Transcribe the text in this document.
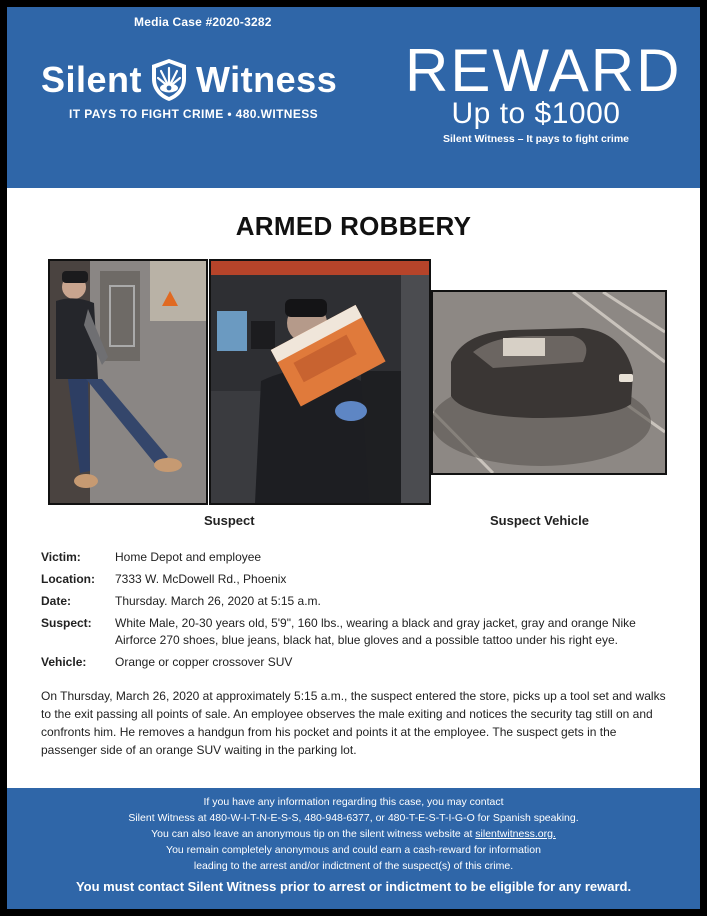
Media Case #2020-3282
Silent Witness
IT PAYS TO FIGHT CRIME • 480.WITNESS
REWARD
Up to $1000
Silent Witness – It pays to fight crime
ARMED ROBBERY
Suspect	Suspect Vehicle
Victim:	Home Depot and employee
Location:	7333 W. McDowell Rd., Phoenix
Date:	Thursday. March 26, 2020 at 5:15 a.m.
Suspect:	White Male, 20-30 years old, 5'9", 160 lbs., wearing a black and gray jacket, gray and orange Nike Airforce 270 shoes, blue jeans, black hat, blue gloves and a possible tattoo under his right eye.
Vehicle:	Orange or copper crossover SUV
On Thursday, March 26, 2020 at approximately 5:15 a.m., the suspect entered the store, picks up a tool set and walks to the exit passing all points of sale. An employee observes the male exiting and notices the security tag still on and confronts him. He removes a handgun from his pocket and points it at the employee. The suspect gets in the passenger side of an orange SUV waiting in the parking lot.
If you have any information regarding this case, you may contact
Silent Witness at 480-W-I-T-N-E-S-S, 480-948-6377, or 480-T-E-S-T-I-G-O for Spanish speaking.
You can also leave an anonymous tip on the silent witness website at silentwitness.org.
You remain completely anonymous and could earn a cash-reward for information
leading to the arrest and/or indictment of the suspect(s) of this crime.
You must contact Silent Witness prior to arrest or indictment to be eligible for any reward.
